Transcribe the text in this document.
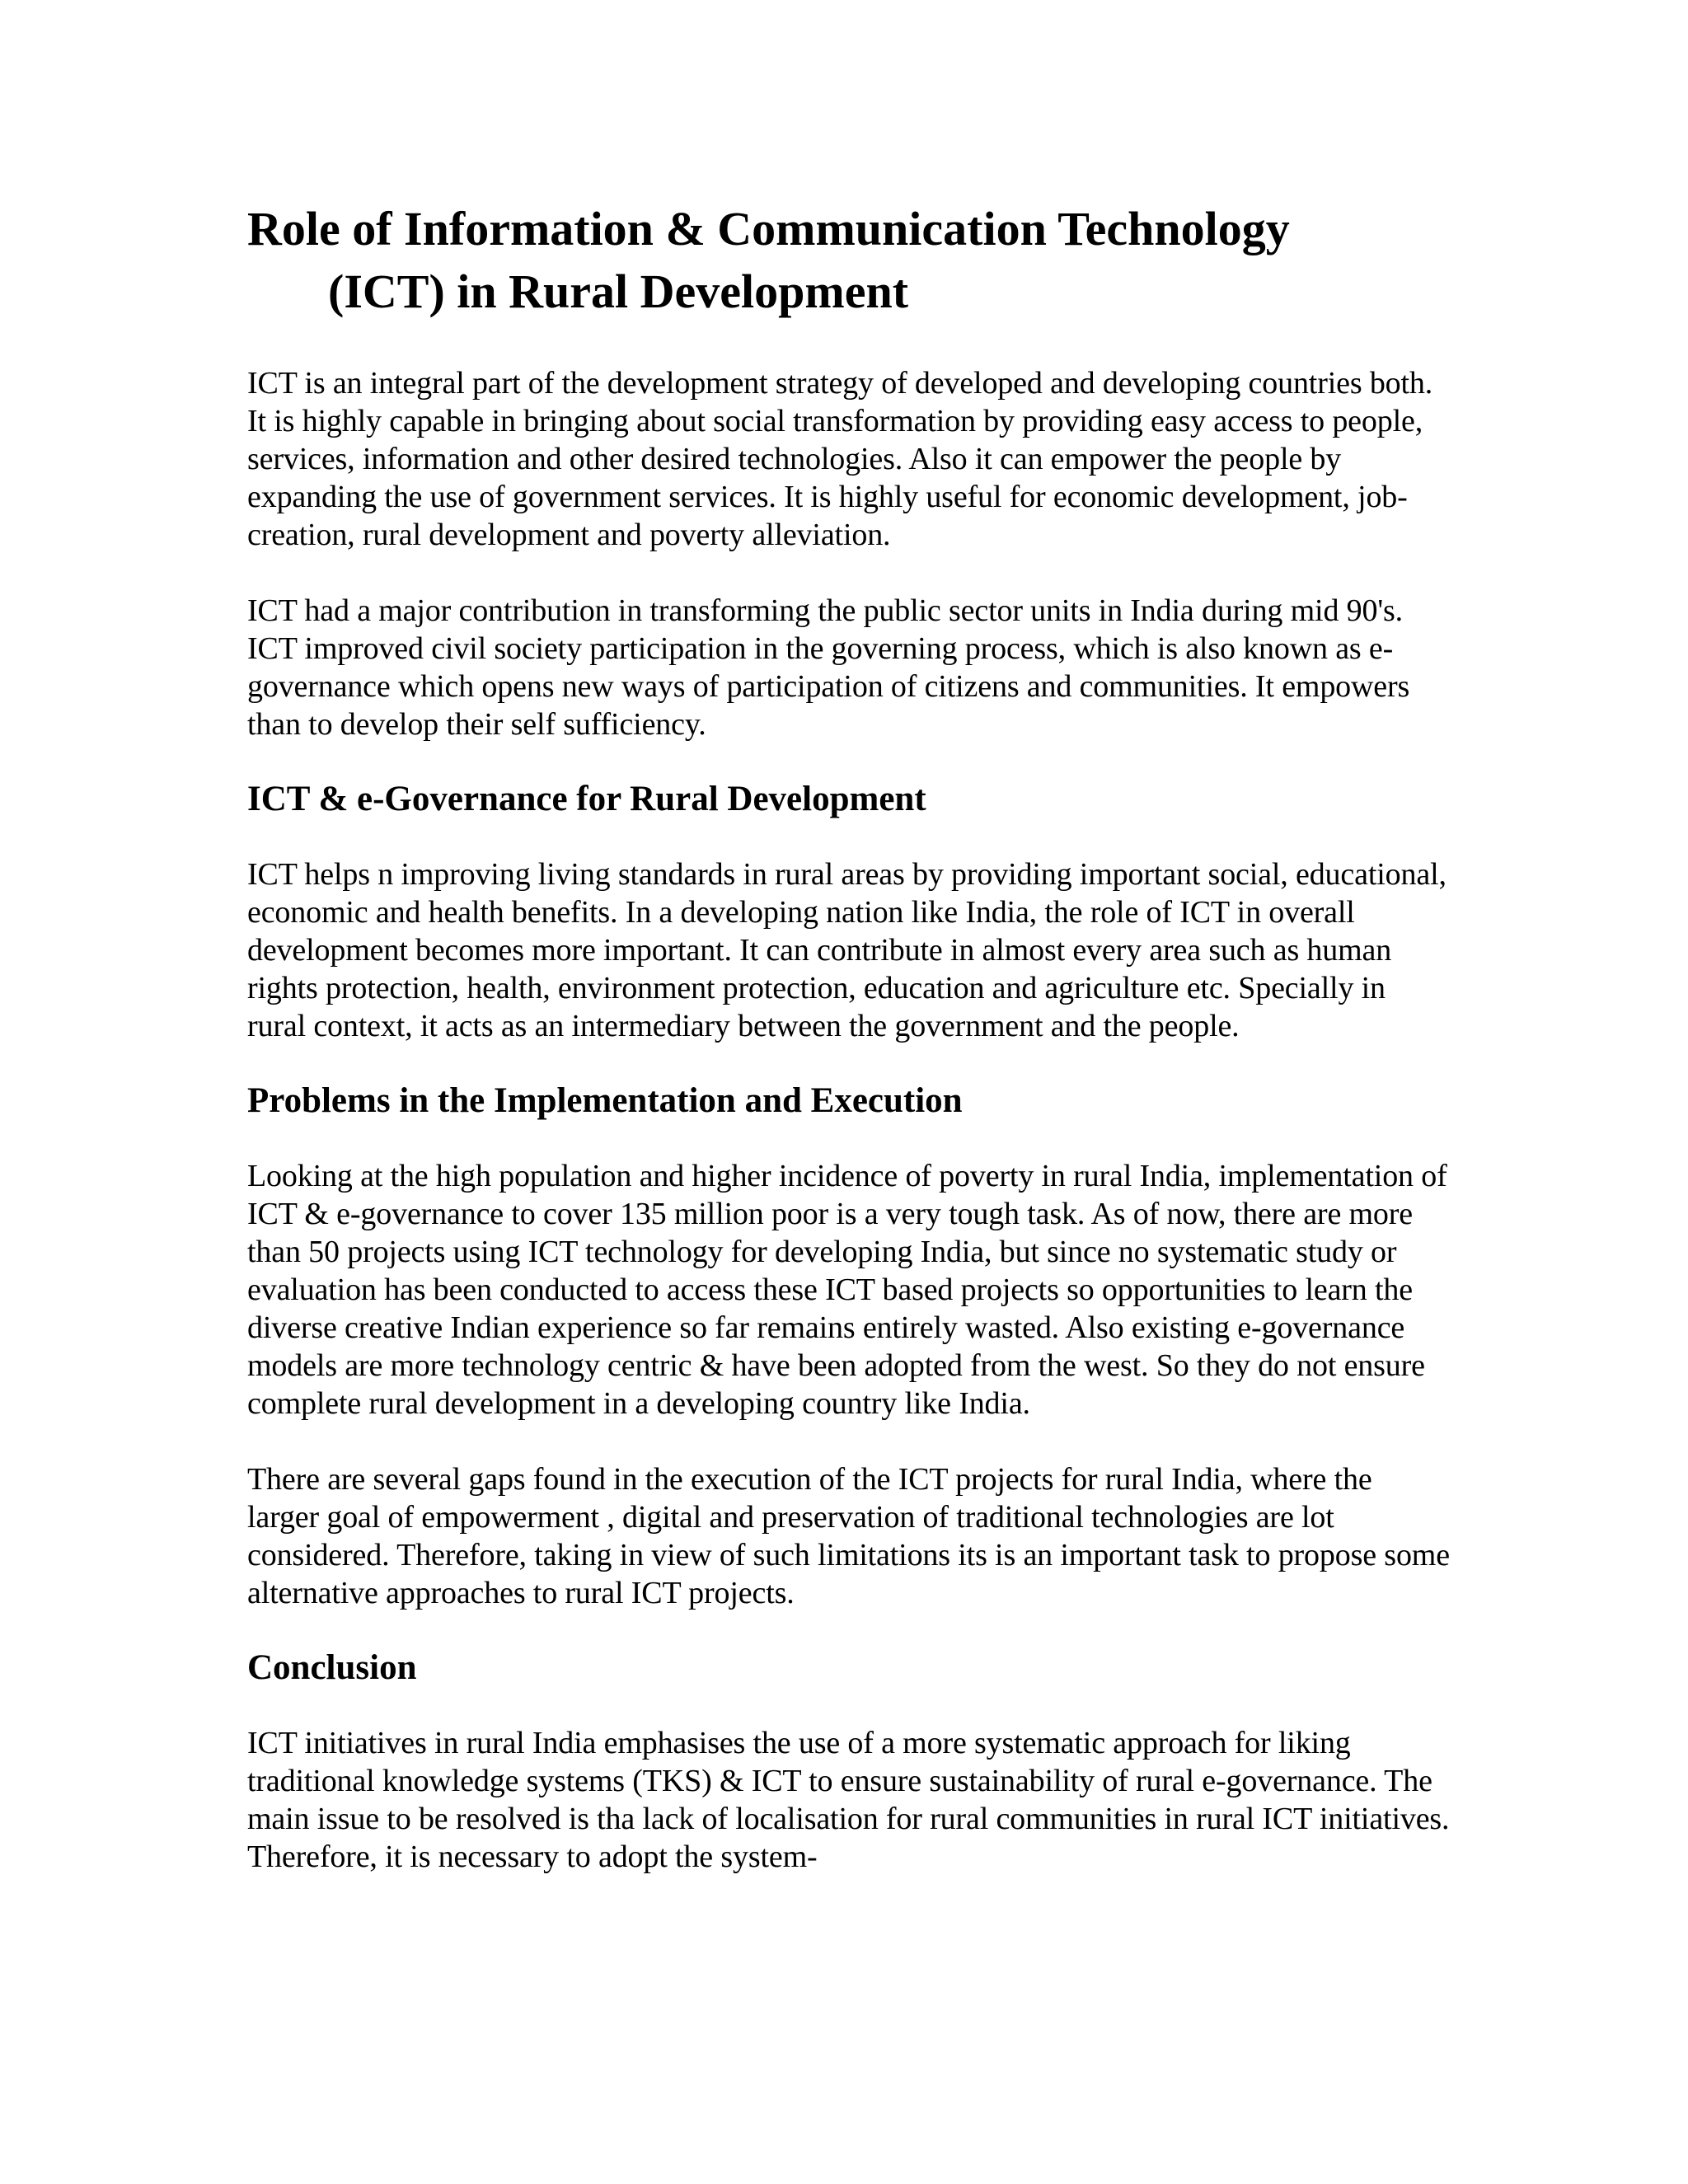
Role of Information & Communication Technology
(ICT) in Rural Development

ICT is an integral part of the development strategy of developed and developing countries both. It is highly capable in bringing about social transformation by providing easy access to people, services, information and other desired technologies. Also it can empower the people by expanding the use of government services. It is highly useful for economic development, job-creation, rural development and poverty alleviation.

ICT had a major contribution in transforming the public sector units in India during mid 90's. ICT improved civil society participation in the governing process, which is also known as e-governance which opens new ways of participation of citizens and communities. It empowers than to develop their self sufficiency.

ICT & e-Governance for Rural Development

ICT helps n improving living standards in rural areas by providing important social, educational, economic and health benefits. In a developing nation like India, the role of ICT in overall development becomes more important. It can contribute in almost every area such as human rights protection, health, environment protection, education and agriculture etc. Specially in rural context, it acts as an intermediary between the government and the people.

Problems in the Implementation and Execution

Looking at the high population and higher incidence of poverty in rural India, implementation of ICT & e-governance to cover 135 million poor is a very tough task. As of now, there are more than 50 projects using ICT technology for developing India, but since no systematic study or evaluation has been conducted to access these ICT based projects so opportunities to learn the diverse creative Indian experience so far remains entirely wasted. Also existing e-governance models are more technology centric & have been adopted from the west. So they do not ensure complete rural development in a developing country like India.

There are several gaps found in the execution of the ICT projects for rural India, where the larger goal of empowerment , digital and preservation of traditional technologies are lot considered. Therefore, taking in view of such limitations its is an important task to propose some alternative approaches to rural ICT projects.

Conclusion

ICT initiatives in rural India emphasises the use of a more systematic approach for liking traditional knowledge systems (TKS) & ICT to ensure sustainability of rural e-governance. The main issue to be resolved is tha lack of localisation for rural communities in rural ICT initiatives. Therefore, it is necessary to adopt the system-
